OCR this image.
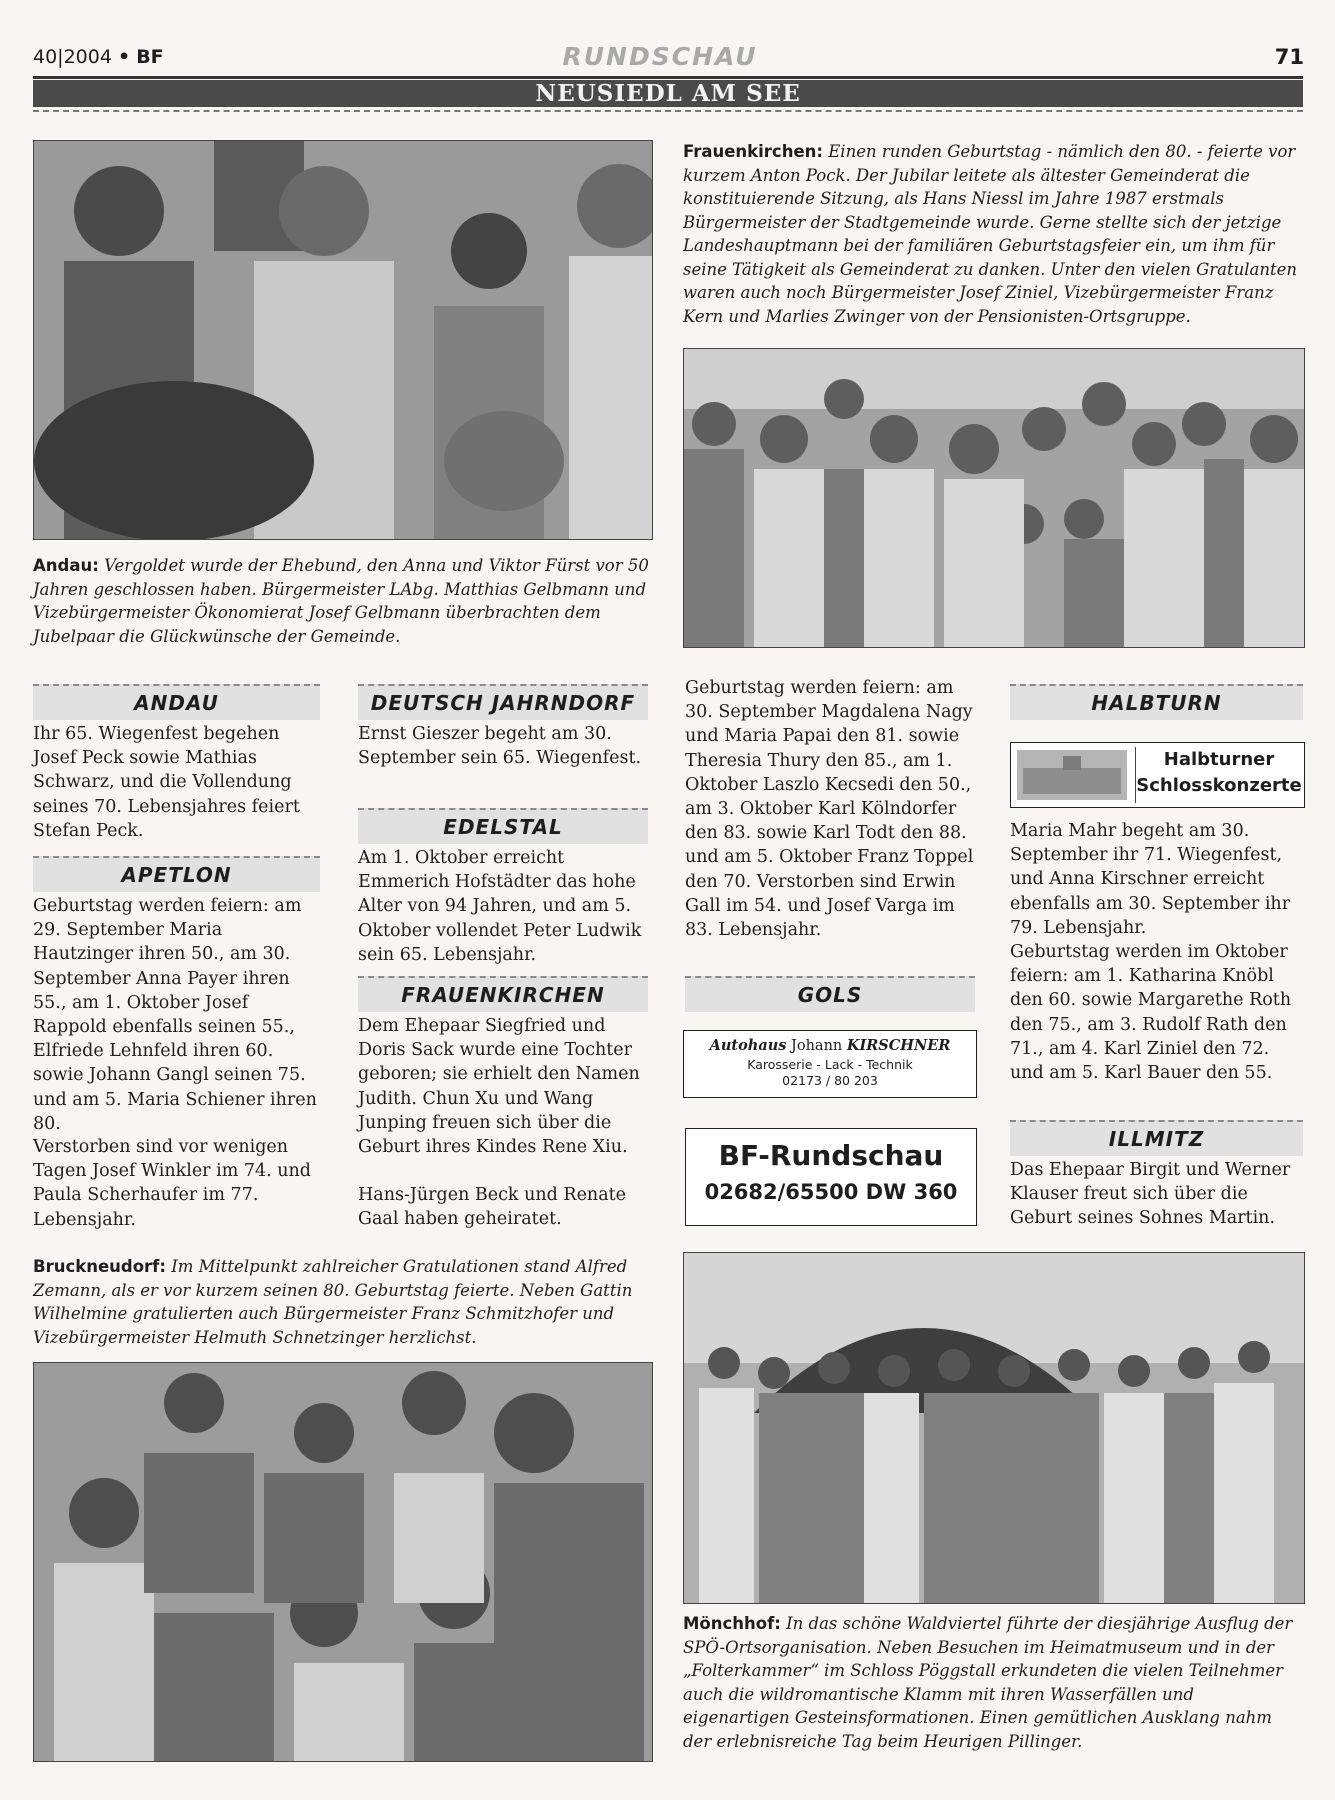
40|2004 • BF	RUNDSCHAU	71
NEUSIEDL AM SEE
Andau: Vergoldet wurde der Ehebund, den Anna und Viktor Fürst vor 50 Jahren geschlossen haben. Bürgermeister LAbg. Matthias Gelbmann und Vizebürgermeister Ökonomierat Josef Gelbmann überbrachten dem Jubelpaar die Glückwünsche der Gemeinde.
Frauenkirchen: Einen runden Geburtstag - nämlich den 80. - feierte vor kurzem Anton Pock. Der Jubilar leitete als ältester Gemeinderat die konstituierende Sitzung, als Hans Niessl im Jahre 1987 erstmals Bürgermeister der Stadtgemeinde wurde. Gerne stellte sich der jetzige Landeshauptmann bei der familiären Geburtstagsfeier ein, um ihm für seine Tätigkeit als Gemeinderat zu danken. Unter den vielen Gratulanten waren auch noch Bürgermeister Josef Ziniel, Vizebürgermeister Franz Kern und Marlies Zwinger von der Pensionisten-Ortsgruppe.
ANDAU

Ihr 65. Wiegenfest begehen Josef Peck sowie Mathias Schwarz, und die Vollendung seines 70. Lebensjahres feiert Stefan Peck.

APETLON

Geburtstag werden feiern: am 29. September Maria Hautzinger ihren 50., am 30. September Anna Payer ihren 55., am 1. Oktober Josef Rappold ebenfalls seinen 55., Elfriede Lehnfeld ihren 60. sowie Johann Gangl seinen 75. und am 5. Maria Schiener ihren 80.

Verstorben sind vor wenigen Tagen Josef Winkler im 74. und Paula Scherhaufer im 77. Lebensjahr.

DEUTSCH JAHRNDORF

Ernst Gieszer begeht am 30. September sein 65. Wiegenfest.

EDELSTAL

Am 1. Oktober erreicht Emmerich Hofstädter das hohe Alter von 94 Jahren, und am 5. Oktober vollendet Peter Ludwik sein 65. Lebensjahr.

FRAUENKIRCHEN

Dem Ehepaar Siegfried und Doris Sack wurde eine Tochter geboren; sie erhielt den Namen Judith. Chun Xu und Wang Junping freuen sich über die Geburt ihres Kindes Rene Xiu.

Hans-Jürgen Beck und Renate Gaal haben geheiratet.

Geburtstag werden feiern: am 30. September Magdalena Nagy und Maria Papai den 81. sowie Theresia Thury den 85., am 1. Oktober Laszlo Kecsedi den 50., am 3. Oktober Karl Kölndorfer den 83. sowie Karl Todt den 88. und am 5. Oktober Franz Toppel den 70. Verstorben sind Erwin Gall im 54. und Josef Varga im 83. Lebensjahr.

GOLS
Autohaus Johann KIRSCHNER
Karosserie - Lack - Technik
02173 / 80 203
BF-Rundschau
02682/65500 DW 360
HALBTURN
Halbturner
Schlosskonzerte

Maria Mahr begeht am 30. September ihr 71. Wiegenfest, und Anna Kirschner erreicht ebenfalls am 30. September ihr 79. Lebensjahr.

Geburtstag werden im Oktober feiern: am 1. Katharina Knöbl den 60. sowie Margarethe Roth den 75., am 3. Rudolf Rath den 71., am 4. Karl Ziniel den 72. und am 5. Karl Bauer den 55.

ILLMITZ

Das Ehepaar Birgit und Werner Klauser freut sich über die Geburt seines Sohnes Martin.

Bruckneudorf: Im Mittelpunkt zahlreicher Gratulationen stand Alfred Zemann, als er vor kurzem seinen 80. Geburtstag feierte. Neben Gattin Wilhelmine gratulierten auch Bürgermeister Franz Schmitzhofer und Vizebürgermeister Helmuth Schnetzinger herzlichst.
Mönchhof: In das schöne Waldviertel führte der diesjährige Ausflug der SPÖ-Ortsorganisation. Neben Besuchen im Heimatmuseum und in der „Folterkammer“ im Schloss Pöggstall erkundeten die vielen Teilnehmer auch die wildromantische Klamm mit ihren Wasserfällen und eigenartigen Gesteinsformationen. Einen gemütlichen Ausklang nahm der erlebnisreiche Tag beim Heurigen Pillinger.
